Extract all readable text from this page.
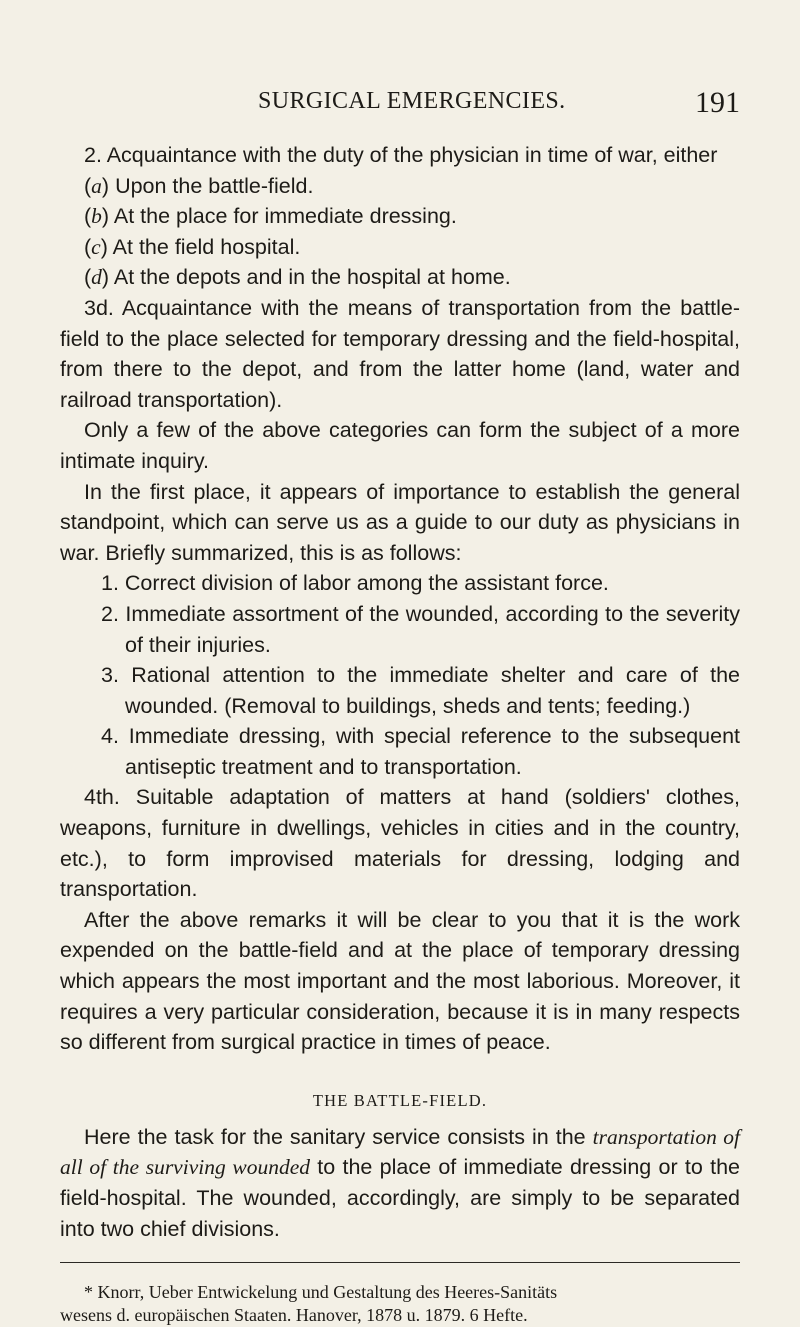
SURGICAL EMERGENCIES.	191

2. Acquaintance with the duty of the physician in time of war, either

(a) Upon the battle-field.

(b) At the place for immediate dressing.

(c) At the field hospital.

(d) At the depots and in the hospital at home.

3d. Acquaintance with the means of transportation from the battle-field to the place selected for temporary dressing and the field-hospital, from there to the depot, and from the latter home (land, water and railroad transportation).

Only a few of the above categories can form the subject of a more intimate inquiry.

In the first place, it appears of importance to establish the general standpoint, which can serve us as a guide to our duty as physicians in war. Briefly summarized, this is as follows:

1. Correct division of labor among the assistant force.

2. Immediate assortment of the wounded, according to the severity of their injuries.

3. Rational attention to the immediate shelter and care of the wounded. (Removal to buildings, sheds and tents; feeding.)

4. Immediate dressing, with special reference to the subsequent antiseptic treatment and to transportation.

4th. Suitable adaptation of matters at hand (soldiers' clothes, weapons, furniture in dwellings, vehicles in cities and in the country, etc.), to form improvised materials for dressing, lodging and transportation.

After the above remarks it will be clear to you that it is the work expended on the battle-field and at the place of temporary dressing which appears the most important and the most laborious. Moreover, it requires a very particular consideration, because it is in many respects so different from surgical practice in times of peace.

THE BATTLE-FIELD.

Here the task for the sanitary service consists in the transportation of all of the surviving wounded to the place of immediate dressing or to the field-hospital. The wounded, accordingly, are simply to be separated into two chief divisions.

* Knorr, Ueber Entwickelung und Gestaltung des Heeres-Sanitäts

wesens d. europäischen Staaten. Hanover, 1878 u. 1879. 6 Hefte.
